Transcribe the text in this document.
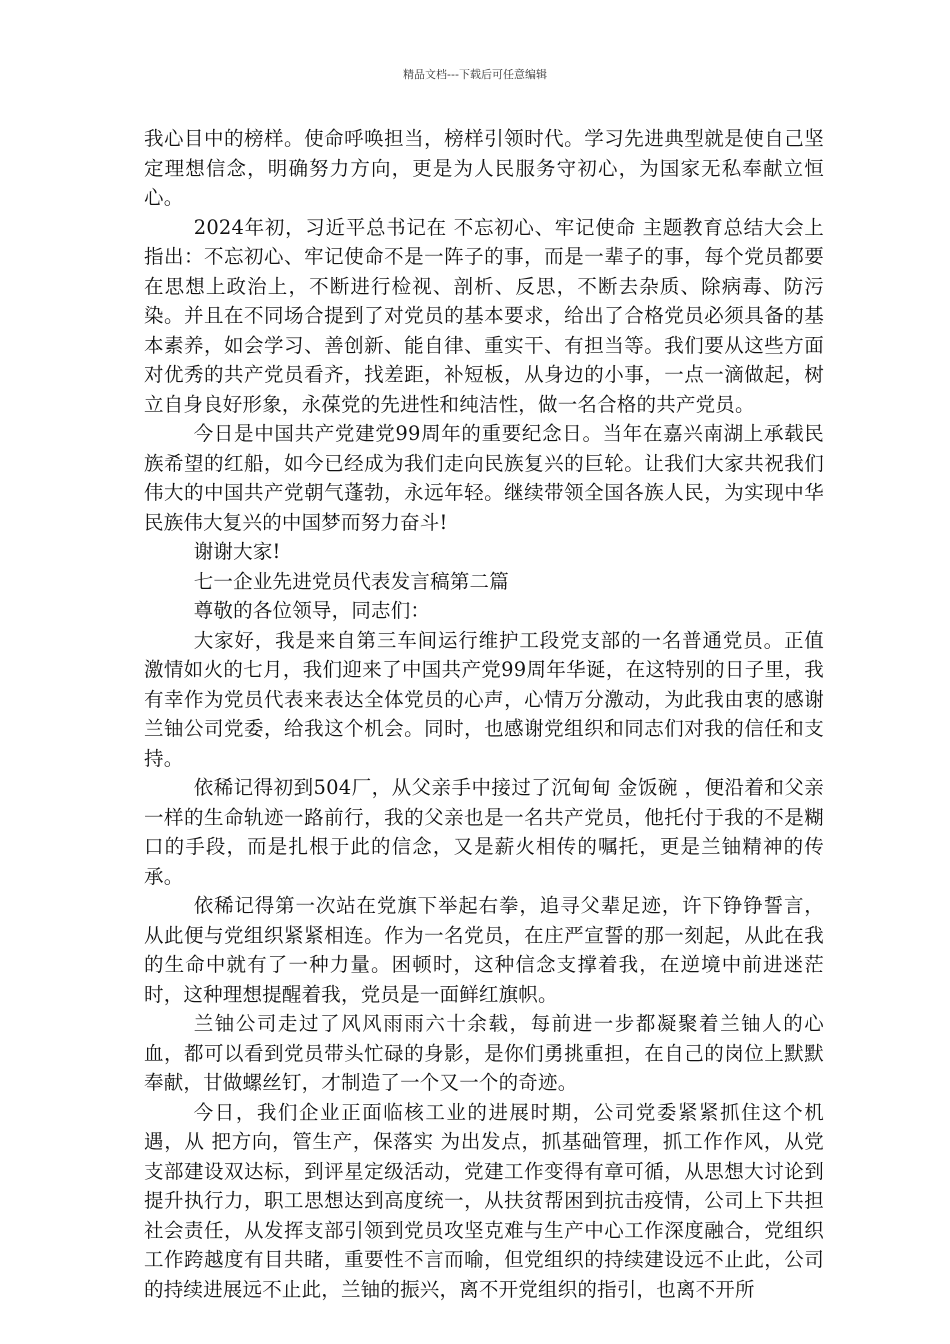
精品文档---下载后可任意编辑

我心目中的榜样。使命呼唤担当，榜样引领时代。学习先进典型就是使自己坚定理想信念，明确努力方向，更是为人民服务守初心，为国家无私奉献立恒心。

2024年初，习近平总书记在 不忘初心、牢记使命 主题教育总结大会上指出：不忘初心、牢记使命不是一阵子的事，而是一辈子的事，每个党员都要在思想上政治上，不断进行检视、剖析、反思，不断去杂质、除病毒、防污染。并且在不同场合提到了对党员的基本要求，给出了合格党员必须具备的基本素养，如会学习、善创新、能自律、重实干、有担当等。我们要从这些方面对优秀的共产党员看齐，找差距，补短板，从身边的小事，一点一滴做起，树立自身良好形象，永葆党的先进性和纯洁性，做一名合格的共产党员。

今日是中国共产党建党99周年的重要纪念日。当年在嘉兴南湖上承载民族希望的红船，如今已经成为我们走向民族复兴的巨轮。让我们大家共祝我们伟大的中国共产党朝气蓬勃，永远年轻。继续带领全国各族人民，为实现中华民族伟大复兴的中国梦而努力奋斗!

谢谢大家!

七一企业先进党员代表发言稿第二篇

尊敬的各位领导，同志们：

大家好，我是来自第三车间运行维护工段党支部的一名普通党员。正值激情如火的七月，我们迎来了中国共产党99周年华诞，在这特别的日子里，我有幸作为党员代表来表达全体党员的心声，心情万分激动，为此我由衷的感谢兰铀公司党委，给我这个机会。同时，也感谢党组织和同志们对我的信任和支持。

依稀记得初到504厂，从父亲手中接过了沉甸甸 金饭碗 ，便沿着和父亲一样的生命轨迹一路前行，我的父亲也是一名共产党员，他托付于我的不是糊口的手段，而是扎根于此的信念，又是薪火相传的嘱托，更是兰铀精神的传承。

依稀记得第一次站在党旗下举起右拳，追寻父辈足迹，许下铮铮誓言，从此便与党组织紧紧相连。作为一名党员，在庄严宣誓的那一刻起，从此在我的生命中就有了一种力量。困顿时，这种信念支撑着我，在逆境中前进迷茫时，这种理想提醒着我，党员是一面鲜红旗帜。

兰铀公司走过了风风雨雨六十余载，每前进一步都凝聚着兰铀人的心血，都可以看到党员带头忙碌的身影，是你们勇挑重担，在自己的岗位上默默奉献，甘做螺丝钉，才制造了一个又一个的奇迹。

今日，我们企业正面临核工业的进展时期，公司党委紧紧抓住这个机遇，从 把方向，管生产，保落实 为出发点，抓基础管理，抓工作作风，从党支部建设双达标，到评星定级活动，党建工作变得有章可循，从思想大讨论到提升执行力，职工思想达到高度统一，从扶贫帮困到抗击疫情，公司上下共担社会责任，从发挥支部引领到党员攻坚克难与生产中心工作深度融合，党组织工作跨越度有目共睹，重要性不言而喻，但党组织的持续建设远不止此，公司的持续进展远不止此，兰铀的振兴，离不开党组织的指引，也离不开所
